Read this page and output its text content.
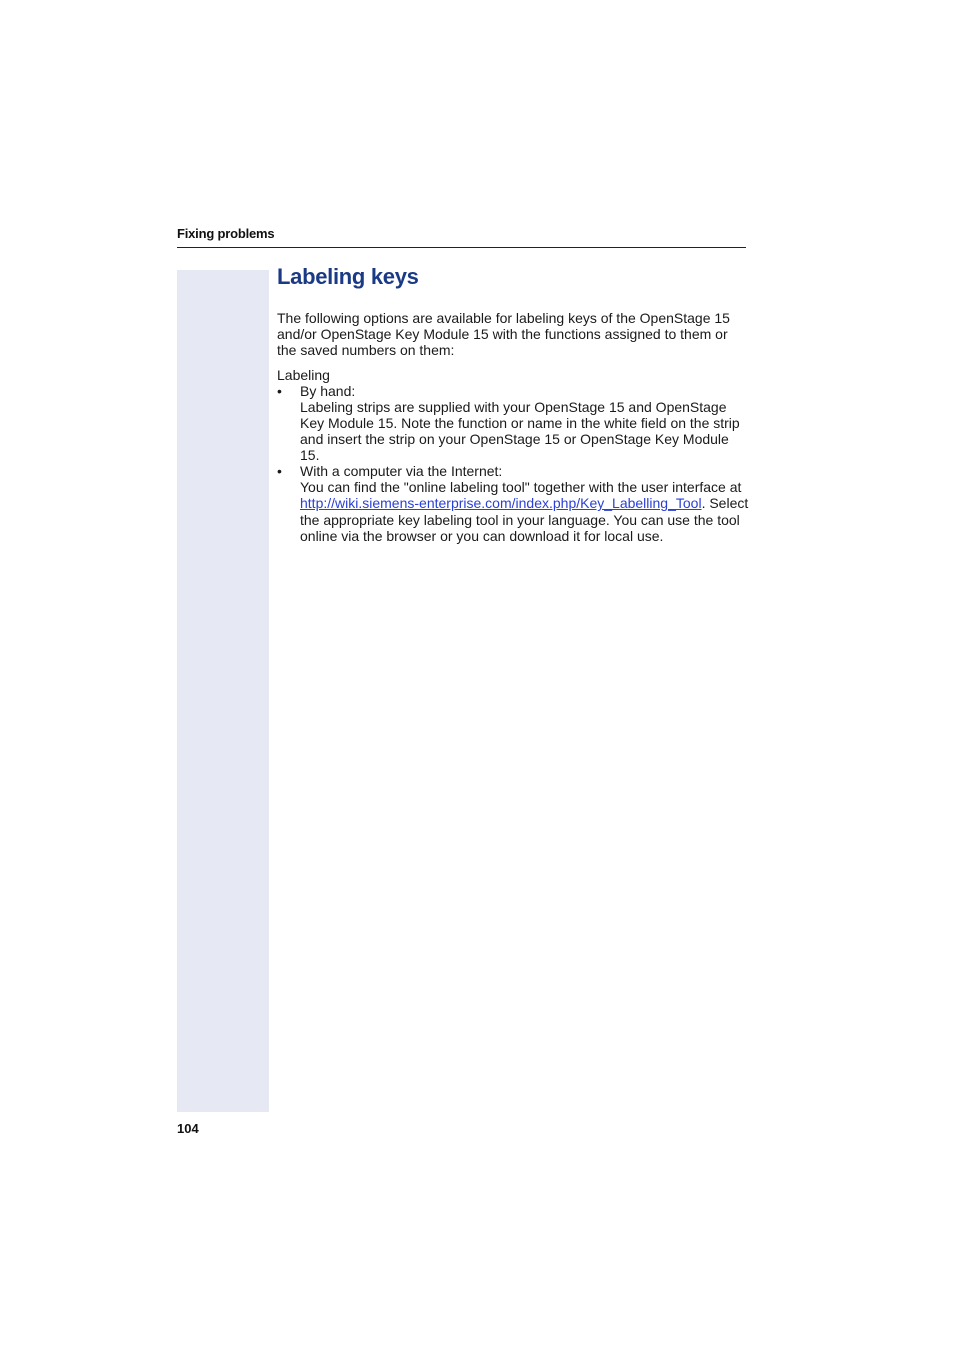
Fixing problems
Labeling keys

The following options are available for labeling keys of the OpenStage 15 and/or OpenStage Key Module 15 with the functions assigned to them or the saved numbers on them:

Labeling

• By hand:
Labeling strips are supplied with your OpenStage 15 and OpenStage Key Module 15. Note the function or name in the white field on the strip and insert the strip on your OpenStage 15 or OpenStage Key Module 15.
• With a computer via the Internet:
You can find the "online labeling tool" together with the user interface at http://wiki.siemens-enterprise.com/index.php/Key_Labelling_Tool. Select the appropriate key labeling tool in your language. You can use the tool online via the browser or you can download it for local use.
104
